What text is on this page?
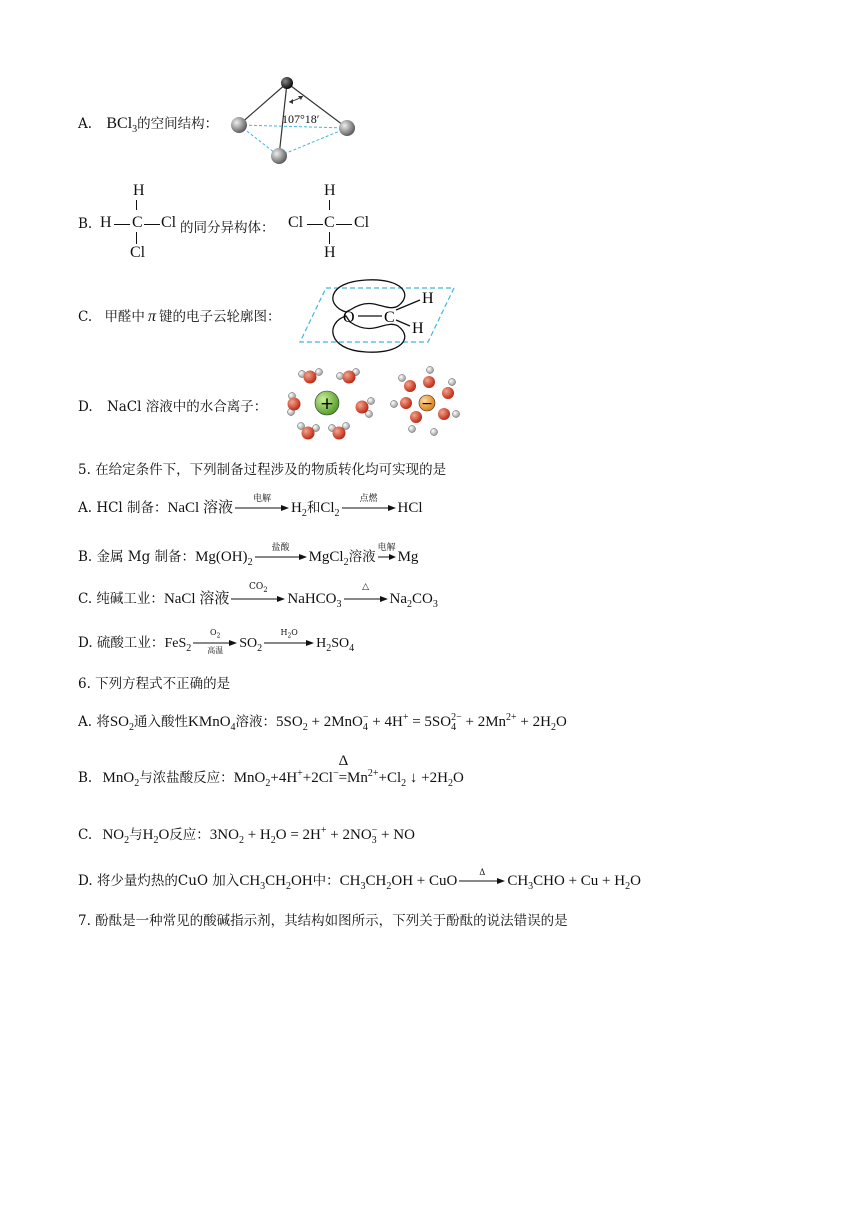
A. BCl$_3$的空间结构：	107°18′
B.
H
H C Cl
Cl
的同分异构体：
H
Cl C Cl
H
C. 甲醛中 π 键的电子云轮廓图：	O C
H
H
D. NaCl 溶液中的水合离子：	+	−
5. 在给定条件下，下列制备过程涉及的物质转化均可实现的是
A. HCl 制备：NaCl 溶液
电解
$H_2$和$Cl_2$
点燃
HCl
B. 金属 Mg 制备：$Mg(OH)_2$
盐酸
MgCl$_2$溶液
电解
Mg
C. 纯碱工业：NaCl 溶液
$CO_2$
NaHCO$_3$
△
$Na_2CO_3$
D. 硫酸工业：FeS$_2$
$O_2$
高温	$SO_2$
$H_2O$
$H_2SO_4$
6. 下列方程式不正确的是
A. 将$SO_2$通入酸性KMnO$_4$溶液：$5SO_2 + 2MnO_4^- + 4H^+ = 5SO_4^{2-} + 2Mn^{2+} + 2H_2O$
B. MnO$_2$与浓盐酸反应：MnO$_2$+4H++2Cl−
Δ
$=Mn^{2+}+Cl_2$ ↓ $+2H_2O$
C. $NO_2$与$H_2O$反应：$3NO_2 + H_2O = 2H^+ + 2NO_3^-$ + NO
D. 将少量灼热的CuO 加入$CH_3CH_2OH$中：$CH_3CH_2OH$ + CuO
Δ
$CH_3CHO + Cu + H_2O$
7. 酚酞是一种常见的酸碱指示剂，其结构如图所示，下列关于酚酞的说法错误的是
